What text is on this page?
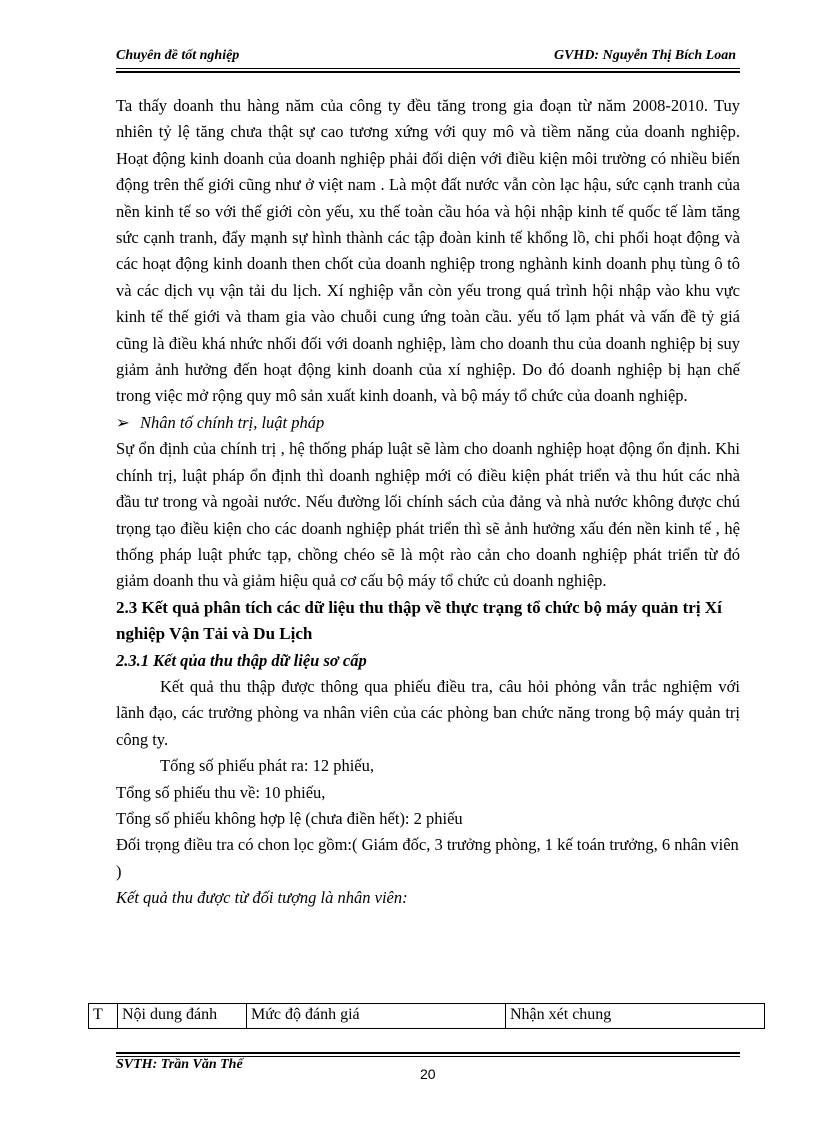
Chuyên đề tốt nghiệp	GVHD: Nguyễn Thị Bích Loan

Ta thấy doanh thu hàng năm của công ty đều tăng trong gia đoạn từ năm 2008-2010. Tuy nhiên tỷ lệ tăng chưa thật sự cao tương xứng với quy mô và tiềm năng của doanh nghiệp. Hoạt động kinh doanh của doanh nghiệp phải đối diện với điều kiện môi trường có nhiều biến động trên thế giới cũng như ở việt nam . Là một đất nước vẫn còn lạc hậu, sức cạnh tranh của nền kinh tế so với thế giới còn yếu, xu thế toàn cầu hóa và hội nhập kinh tế quốc tế làm tăng sức cạnh tranh, đẩy mạnh sự hình thành các tập đoàn kinh tế khổng lồ, chi phối hoạt động và các hoạt động kinh doanh then chốt của doanh nghiệp trong nghành kinh doanh phụ tùng ô tô và các dịch vụ vận tải du lịch. Xí nghiệp vẫn còn yếu trong quá trình hội nhập vào khu vực kinh tế thế giới và tham gia vào chuỗi cung ứng toàn cầu. yếu tố lạm phát và vấn đề tỷ giá cũng là điều khá nhức nhối đối với doanh nghiệp, làm cho doanh thu của doanh nghiệp bị suy giảm ảnh hưởng đến hoạt động kinh doanh của xí nghiệp. Do đó doanh nghiệp bị hạn chế trong việc mở rộng quy mô sản xuất kinh doanh, và bộ máy tổ chức của doanh nghiệp.

➢ Nhân tố chính trị, luật pháp

Sự ổn định của chính trị , hệ thống pháp luật sẽ làm cho doanh nghiệp hoạt động ổn định. Khi chính trị, luật pháp ổn định thì doanh nghiệp mới có điều kiện phát triển và thu hút các nhà đầu tư trong và ngoài nước. Nếu đường lối chính sách của đảng và nhà nước không được chú trọng tạo điều kiện cho các doanh nghiệp phát triển thì sẽ ảnh hưởng xấu đén nền kinh tế , hệ thống pháp luật phức tạp, chồng chéo sẽ là một rào cản cho doanh nghiệp phát triển từ đó giảm doanh thu và giảm hiệu quả cơ cấu bộ máy tổ chức củ doanh nghiệp.

2.3 Kết quả phân tích các dữ liệu thu thập về thực trạng tổ chức bộ máy quản trị Xí nghiệp Vận Tải và Du Lịch

2.3.1 Kết qủa thu thập dữ liệu sơ cấp

Kết quả thu thập được thông qua phiếu điều tra, câu hỏi phỏng vẫn trắc nghiệm với lãnh đạo, các trưởng phòng va nhân viên của các phòng ban chức năng trong bộ máy quản trị công ty.

Tổng số phiếu phát ra: 12 phiếu,

Tổng số phiếu thu về: 10 phiếu,

Tổng số phiếu không hợp lệ (chưa điền hết): 2 phiếu

Đối trọng điều tra có chon lọc gồm:( Giám đốc, 3 trưởng phòng, 1 kế toán trưởng, 6 nhân viên )

Kết quả thu được từ đối tượng là nhân viên:

T	Nội dung đánh	Mức độ đánh giá	Nhận xét chung
SVTH: Trần Văn Thế
20
